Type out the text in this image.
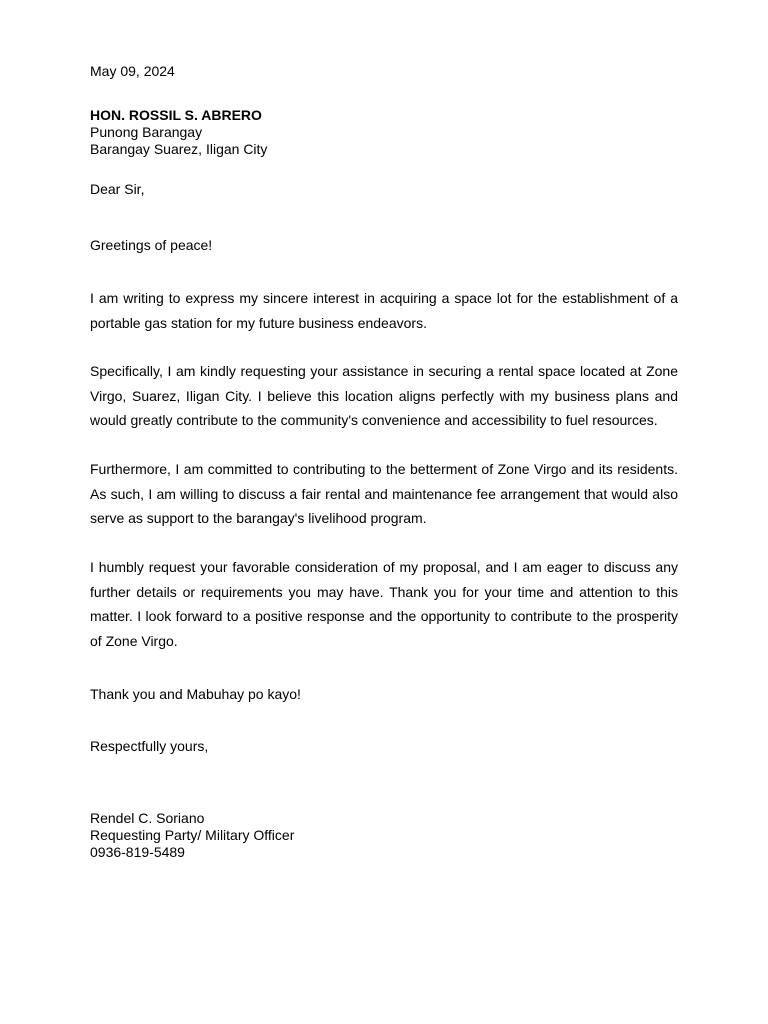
May 09, 2024
HON. ROSSIL S. ABRERO
Punong Barangay
Barangay Suarez, Iligan City
Dear Sir,
Greetings of peace!

I am writing to express my sincere interest in acquiring a space lot for the establishment of a portable gas station for my future business endeavors.

Specifically, I am kindly requesting your assistance in securing a rental space located at Zone Virgo, Suarez, Iligan City. I believe this location aligns perfectly with my business plans and would greatly contribute to the community's convenience and accessibility to fuel resources.

Furthermore, I am committed to contributing to the betterment of Zone Virgo and its residents. As such, I am willing to discuss a fair rental and maintenance fee arrangement that would also serve as support to the barangay's livelihood program.

I humbly request your favorable consideration of my proposal, and I am eager to discuss any further details or requirements you may have. Thank you for your time and attention to this matter. I look forward to a positive response and the opportunity to contribute to the prosperity of Zone Virgo.

Thank you and Mabuhay po kayo!
Respectfully yours,
Rendel C. Soriano
Requesting Party/ Military Officer
0936-819-5489
